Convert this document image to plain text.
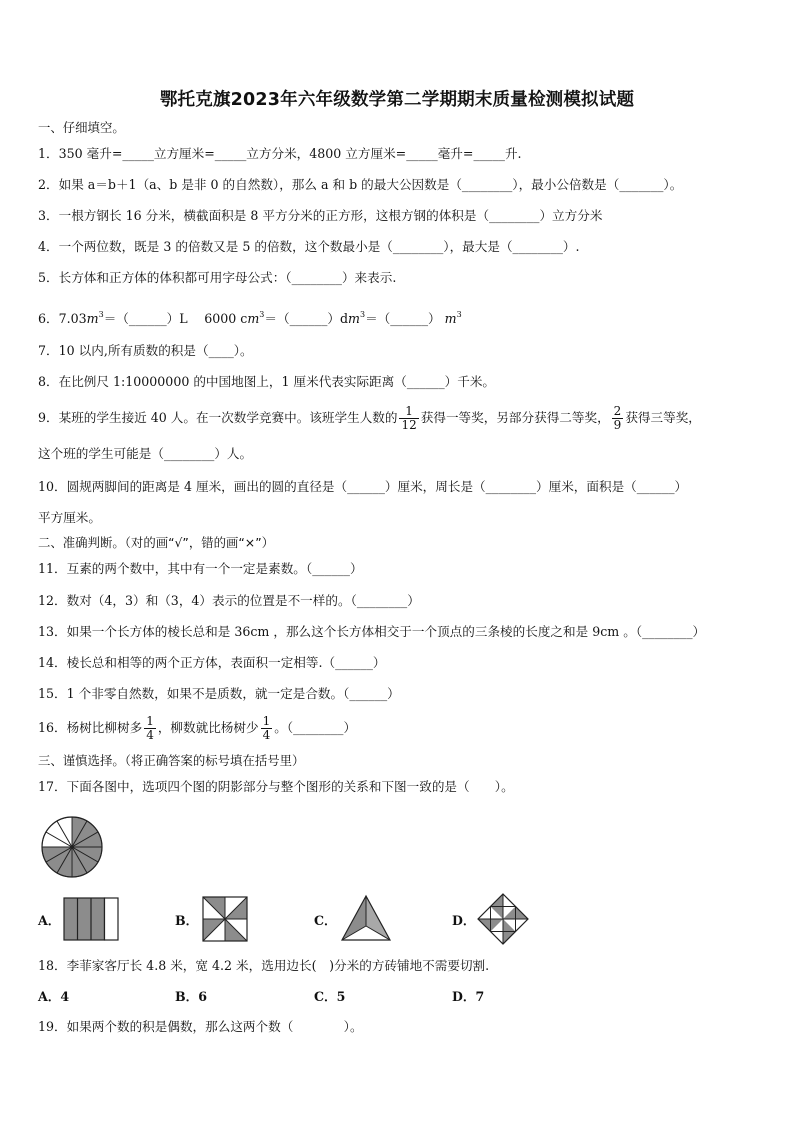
鄂托克旗2023年六年级数学第二学期期末质量检测模拟试题
一、仔细填空。
1．350 毫升=_____立方厘米=_____立方分米，4800 立方厘米=_____毫升=_____升.
2．如果 a＝b＋1（a、b 是非 0 的自然数），那么 a 和 b 的最大公因数是（________），最小公倍数是（_______）。
3．一根方钢长 16 分米，横截面积是 8 平方分米的正方形，这根方钢的体积是（________）立方分米
4．一个两位数，既是 3 的倍数又是 5 的倍数，这个数最小是（________），最大是（________）.
5．长方体和正方体的体积都可用字母公式：（________）来表示.
6．$7.03m^3=(\_\_\_\_\_\_)L$　 6000 $cm^3=(\_\_\_\_\_\_)dm^3=(\_\_\_\_\_\_)$ $m^3$
7．10 以内,所有质数的积是（____）。
8．在比例尺 1:10000000 的中国地图上，1 厘米代表实际距离（______）千米。
9．某班的学生接近 40 人。在一次数学竞赛中。该班学生人数的 $\frac{1}{12}$ 获得一等奖，另部分获得二等奖， $\frac{2}{9}$ 获得三等奖，
这个班的学生可能是（________）人。
10．圆规两脚间的距离是 4 厘米，画出的圆的直径是（______）厘米，周长是（________）厘米，面积是（______）
平方厘米。
二、准确判断。（对的画“√”，错的画“×”）
11．互素的两个数中，其中有一个一定是素数。（______）
12．数对（4，3）和（3，4）表示的位置是不一样的。（________）
13．如果一个长方体的棱长总和是 36cm ，那么这个长方体相交于一个顶点的三条棱的长度之和是 9cm 。（________）
14．棱长总和相等的两个正方体，表面积一定相等.（______）
15．1 个非零自然数，如果不是质数，就一定是合数。（______）
16．杨树比柳树多 $\frac{1}{4}$ ，柳数就比杨树少 $\frac{1}{4}$ 。（________）
三、谨慎选择。（将正确答案的标号填在括号里）
17．下面各图中，选项四个图的阴影部分与整个图形的关系和下图一致的是（　　）。
A．	B．	C．	D．
18．李菲家客厅长 4.8 米，宽 4.2 米，选用边长(　)分米的方砖铺地不需要切割.
A．4	B．6	C．5	D．7
19．如果两个数的积是偶数，那么这两个数（　　　　）。
